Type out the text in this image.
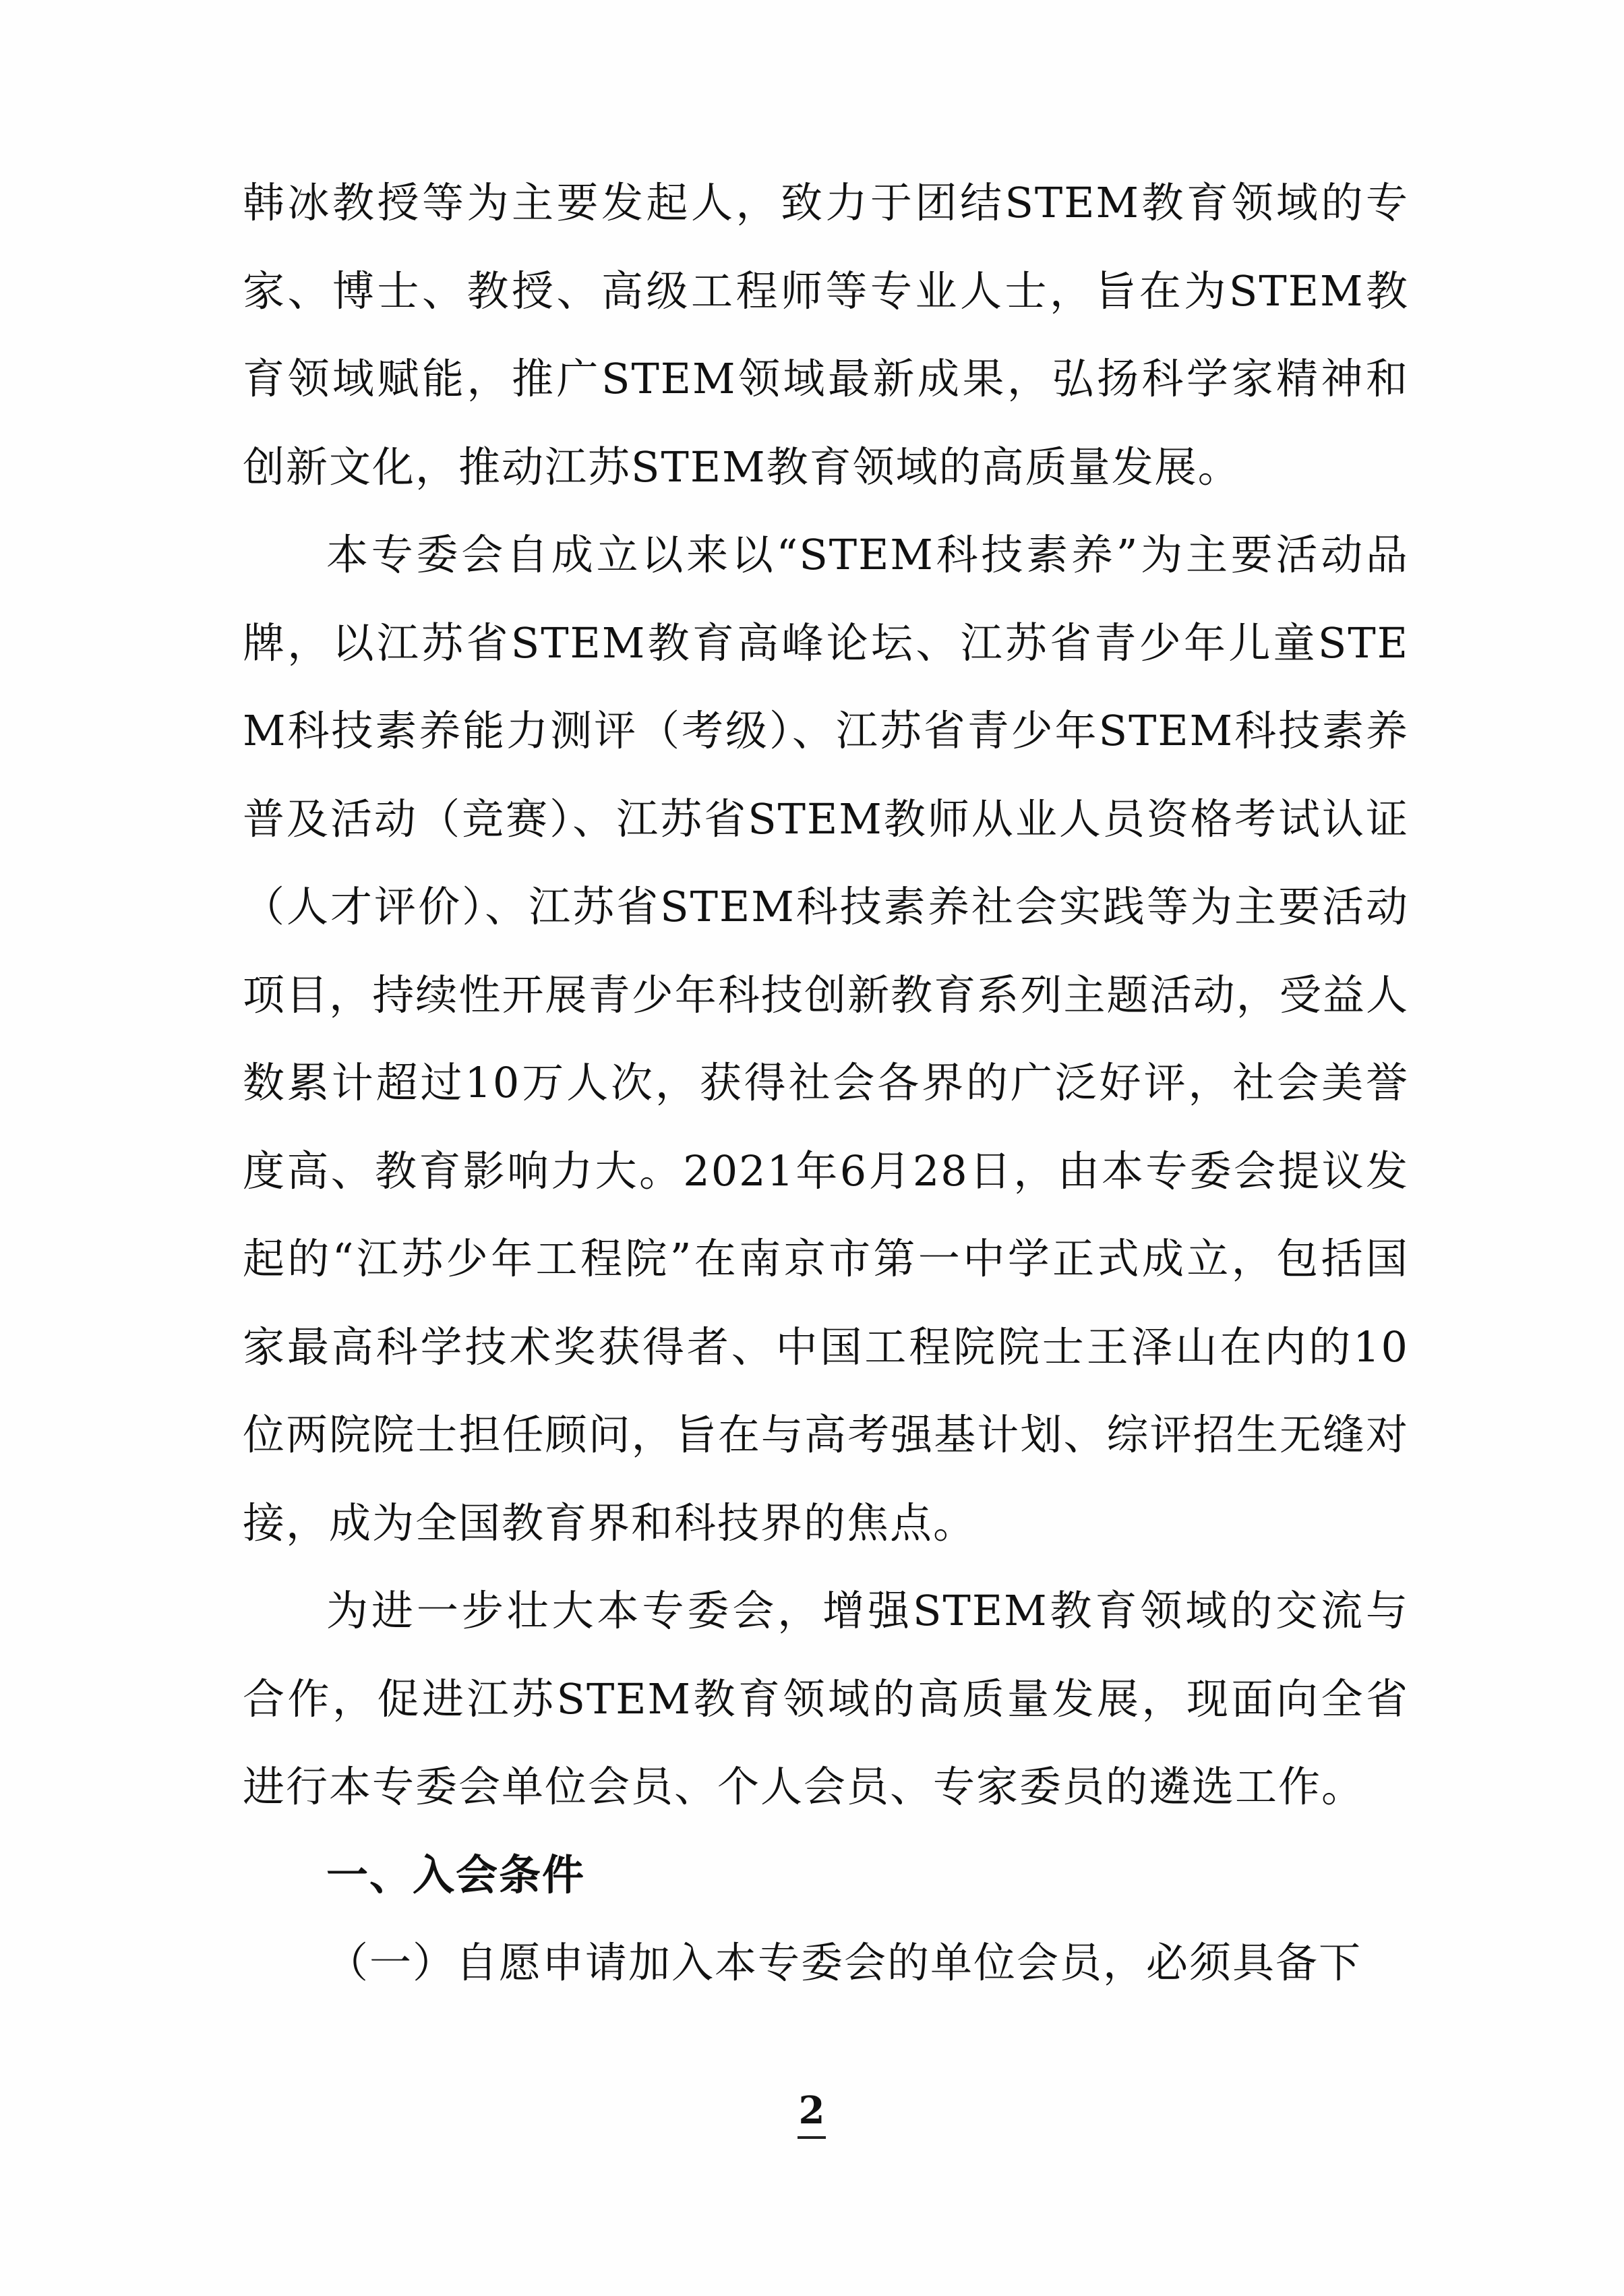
韩冰教授等为主要发起人，致力于团结STEM教育领域的专家、博士、教授、高级工程师等专业人士，旨在为STEM教育领域赋能，推广STEM领域最新成果，弘扬科学家精神和创新文化，推动江苏STEM教育领域的高质量发展。

本专委会自成立以来以“STEM科技素养”为主要活动品牌，以江苏省STEM教育高峰论坛、江苏省青少年儿童STEM科技素养能力测评（考级）、江苏省青少年STEM科技素养普及活动（竞赛）、江苏省STEM教师从业人员资格考试认证（人才评价）、江苏省STEM科技素养社会实践等为主要活动项目，持续性开展青少年科技创新教育系列主题活动，受益人数累计超过10万人次，获得社会各界的广泛好评，社会美誉度高、教育影响力大。2021年6月28日，由本专委会提议发起的“江苏少年工程院”在南京市第一中学正式成立，包括国家最高科学技术奖获得者、中国工程院院士王泽山在内的10位两院院士担任顾问，旨在与高考强基计划、综评招生无缝对接，成为全国教育界和科技界的焦点。

为进一步壮大本专委会，增强STEM教育领域的交流与合作，促进江苏STEM教育领域的高质量发展，现面向全省进行本专委会单位会员、个人会员、专家委员的遴选工作。

一、入会条件

（一）自愿申请加入本专委会的单位会员，必须具备下

2
